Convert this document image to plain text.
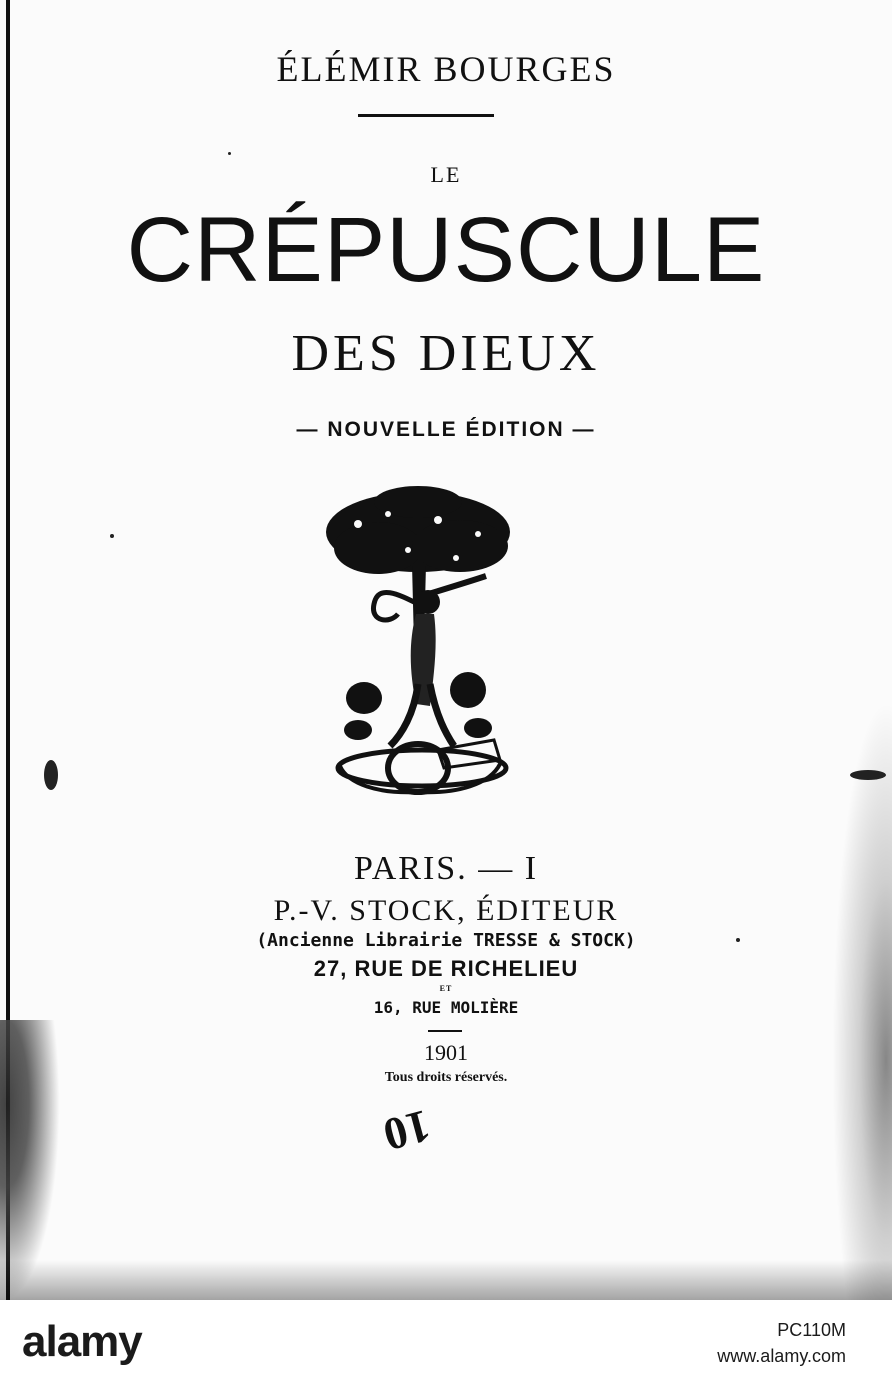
ÉLÉMIR BOURGES
LE
CRÉPUSCULE
DES DIEUX
— NOUVELLE ÉDITION —
PARIS. — I
P.-V. STOCK, ÉDITEUR
(Ancienne Librairie TRESSE & STOCK)
27, RUE DE RICHELIEU
ET
16, RUE MOLIÈRE
1901
Tous droits réservés.
10
alamy	PC110M
www.alamy.com
